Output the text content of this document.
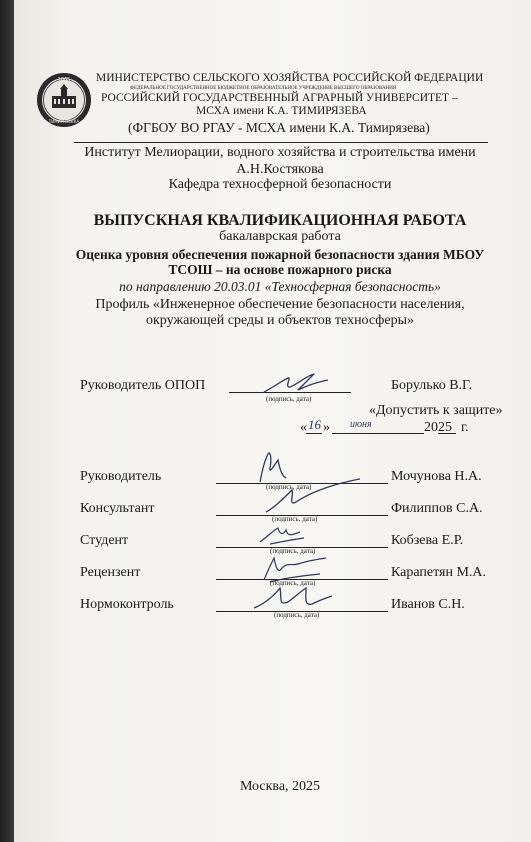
1865
ТИМИРЯЗЕВКА
МИНИСТЕРСТВО СЕЛЬСКОГО ХОЗЯЙСТВА РОССИЙСКОЙ ФЕДЕРАЦИИ
ФЕДЕРАЛЬНОЕ ГОСУДАРСТВЕННОЕ БЮДЖЕТНОЕ ОБРАЗОВАТЕЛЬНОЕ УЧРЕЖДЕНИЕ ВЫСШЕГО ОБРАЗОВАНИЯ
РОССИЙСКИЙ ГОСУДАРСТВЕННЫЙ АГРАРНЫЙ УНИВЕРСИТЕТ –
МСХА имени К.А. ТИМИРЯЗЕВА
(ФГБОУ ВО РГАУ - МСХА имени К.А. Тимирязева)
Институт Мелиорации, водного хозяйства и строительства имени
А.Н.Костякова
Кафедра техносферной безопасности
ВЫПУСКНАЯ КВАЛИФИКАЦИОННАЯ РАБОТА
бакалаврская работа
Оценка уровня обеспечения пожарной безопасности здания МБОУ
ТСОШ – на основе пожарного риска
по направлению 20.03.01 «Техносферная безопасность»
Профиль «Инженерное обеспечение безопасности населения,
окружающей среды и объектов техносферы»
Руководитель ОПОП
(подпись, дата)
Борулько В.Г.
«Допустить к защите»
« 16 » июня	2025 г.
Руководитель
(подпись, дата)
Мочунова Н.А.
Консультант
(подпись, дата)
Филиппов С.А.
Студент
(подпись, дата)
Кобзева Е.Р.
Рецензент
(подпись, дата)
Карапетян М.А.
Нормоконтроль
(подпись, дата)
Иванов С.Н.
Москва, 2025
